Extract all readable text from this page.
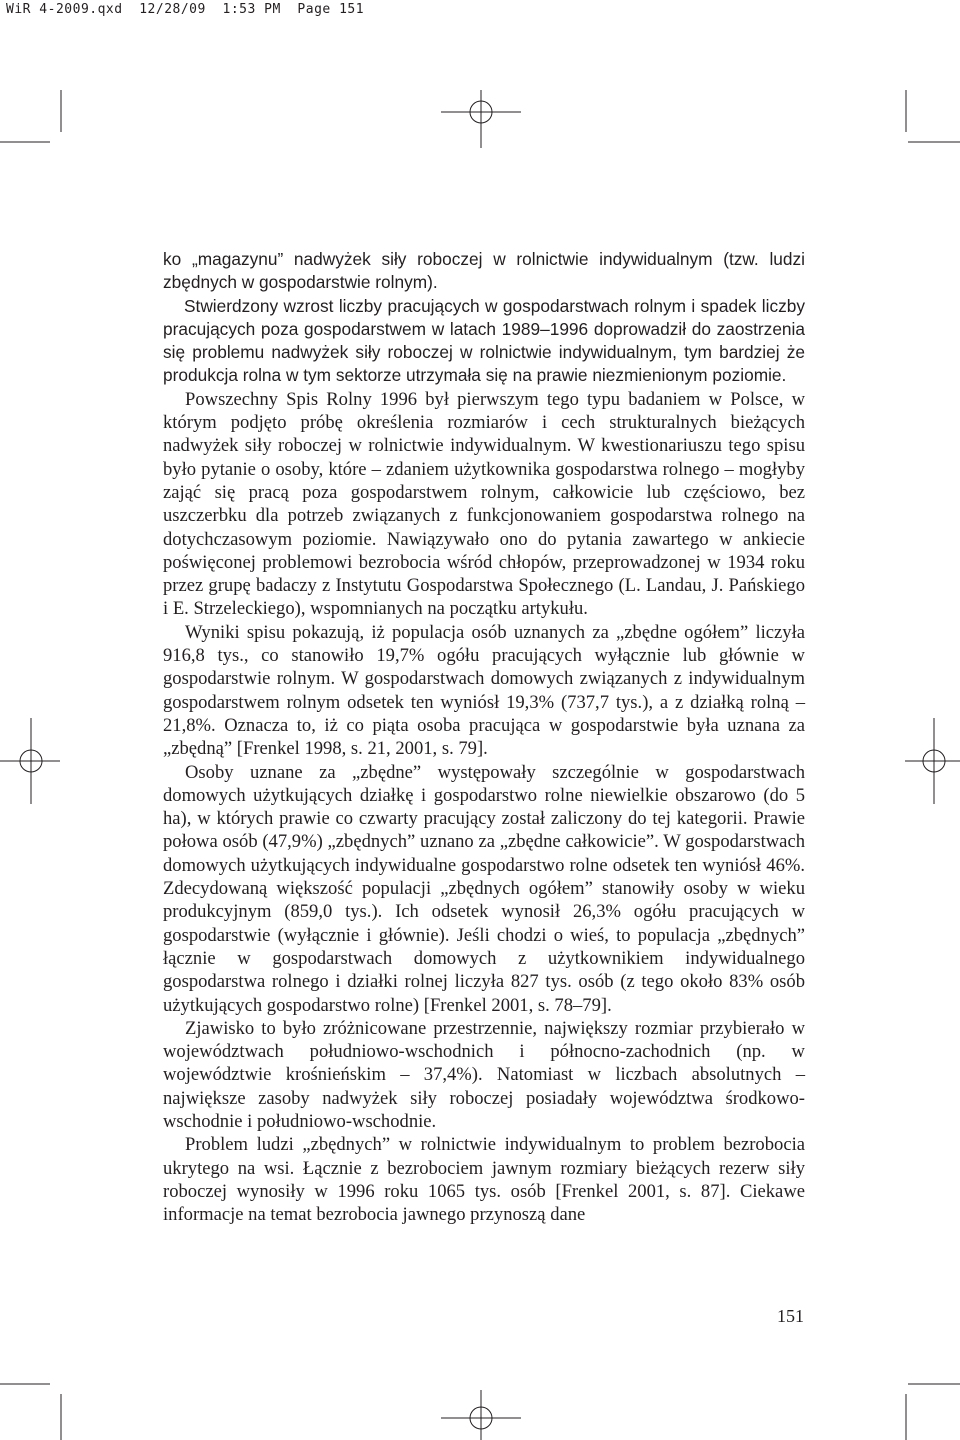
WiR 4-2009.qxd  12/28/09  1:53 PM  Page 151

ko „magazynu” nadwyżek siły roboczej w rolnictwie indywidualnym (tzw. ludzi zbędnych w gospodarstwie rolnym).

Stwierdzony wzrost liczby pracujących w gospodarstwach rolnym i spadek liczby pracujących poza gospodarstwem w latach 1989–1996 doprowadził do zaostrzenia się problemu nadwyżek siły roboczej w rolnictwie indywidualnym, tym bardziej że produkcja rolna w tym sektorze utrzymała się na prawie niezmienionym poziomie.

Powszechny Spis Rolny 1996 był pierwszym tego typu badaniem w Polsce, w którym podjęto próbę określenia rozmiarów i cech strukturalnych bieżących nadwyżek siły roboczej w rolnictwie indywidualnym. W kwestionariuszu tego spisu było pytanie o osoby, które – zdaniem użytkownika gospodarstwa rolnego – mogłyby zająć się pracą poza gospodarstwem rolnym, całkowicie lub częściowo, bez uszczerbku dla potrzeb związanych z funkcjonowaniem gospodarstwa rolnego na dotychczasowym poziomie. Nawiązywało ono do pytania zawartego w ankiecie poświęconej problemowi bezrobocia wśród chłopów, przeprowadzonej w 1934 roku przez grupę badaczy z Instytutu Gospodarstwa Społecznego (L. Landau, J. Pańskiego i E. Strzeleckiego), wspomnianych na początku artykułu.

Wyniki spisu pokazują, iż populacja osób uznanych za „zbędne ogółem” liczyła 916,8 tys., co stanowiło 19,7% ogółu pracujących wyłącznie lub głównie w gospodarstwie rolnym. W gospodarstwach domowych związanych z indywidualnym gospodarstwem rolnym odsetek ten wyniósł 19,3% (737,7 tys.), a z działką rolną – 21,8%. Oznacza to, iż co piąta osoba pracująca w gospodarstwie była uznana za „zbędną” [Frenkel 1998, s. 21, 2001, s. 79].

Osoby uznane za „zbędne” występowały szczególnie w gospodarstwach domowych użytkujących działkę i gospodarstwo rolne niewielkie obszarowo (do 5 ha), w których prawie co czwarty pracujący został zaliczony do tej kategorii. Prawie połowa osób (47,9%) „zbędnych” uznano za „zbędne całkowicie”. W gospodarstwach domowych użytkujących indywidualne gospodarstwo rolne odsetek ten wyniósł 46%. Zdecydowaną większość populacji „zbędnych ogółem” stanowiły osoby w wieku produkcyjnym (859,0 tys.). Ich odsetek wynosił 26,3% ogółu pracujących w gospodarstwie (wyłącznie i głównie). Jeśli chodzi o wieś, to populacja „zbędnych” łącznie w gospodarstwach domowych z użytkownikiem indywidualnego gospodarstwa rolnego i działki rolnej liczyła 827 tys. osób (z tego około 83% osób użytkujących gospodarstwo rolne) [Frenkel 2001, s. 78–79].

Zjawisko to było zróżnicowane przestrzennie, największy rozmiar przybierało w województwach południowo-wschodnich i północno-zachodnich (np. w województwie krośnieńskim – 37,4%). Natomiast w liczbach absolutnych – największe zasoby nadwyżek siły roboczej posiadały województwa środkowo-wschodnie i południowo-wschodnie.

Problem ludzi „zbędnych” w rolnictwie indywidualnym to problem bezrobocia ukrytego na wsi. Łącznie z bezrobociem jawnym rozmiary bieżących rezerw siły roboczej wynosiły w 1996 roku 1065 tys. osób [Frenkel 2001, s. 87]. Ciekawe informacje na temat bezrobocia jawnego przynoszą dane

151
